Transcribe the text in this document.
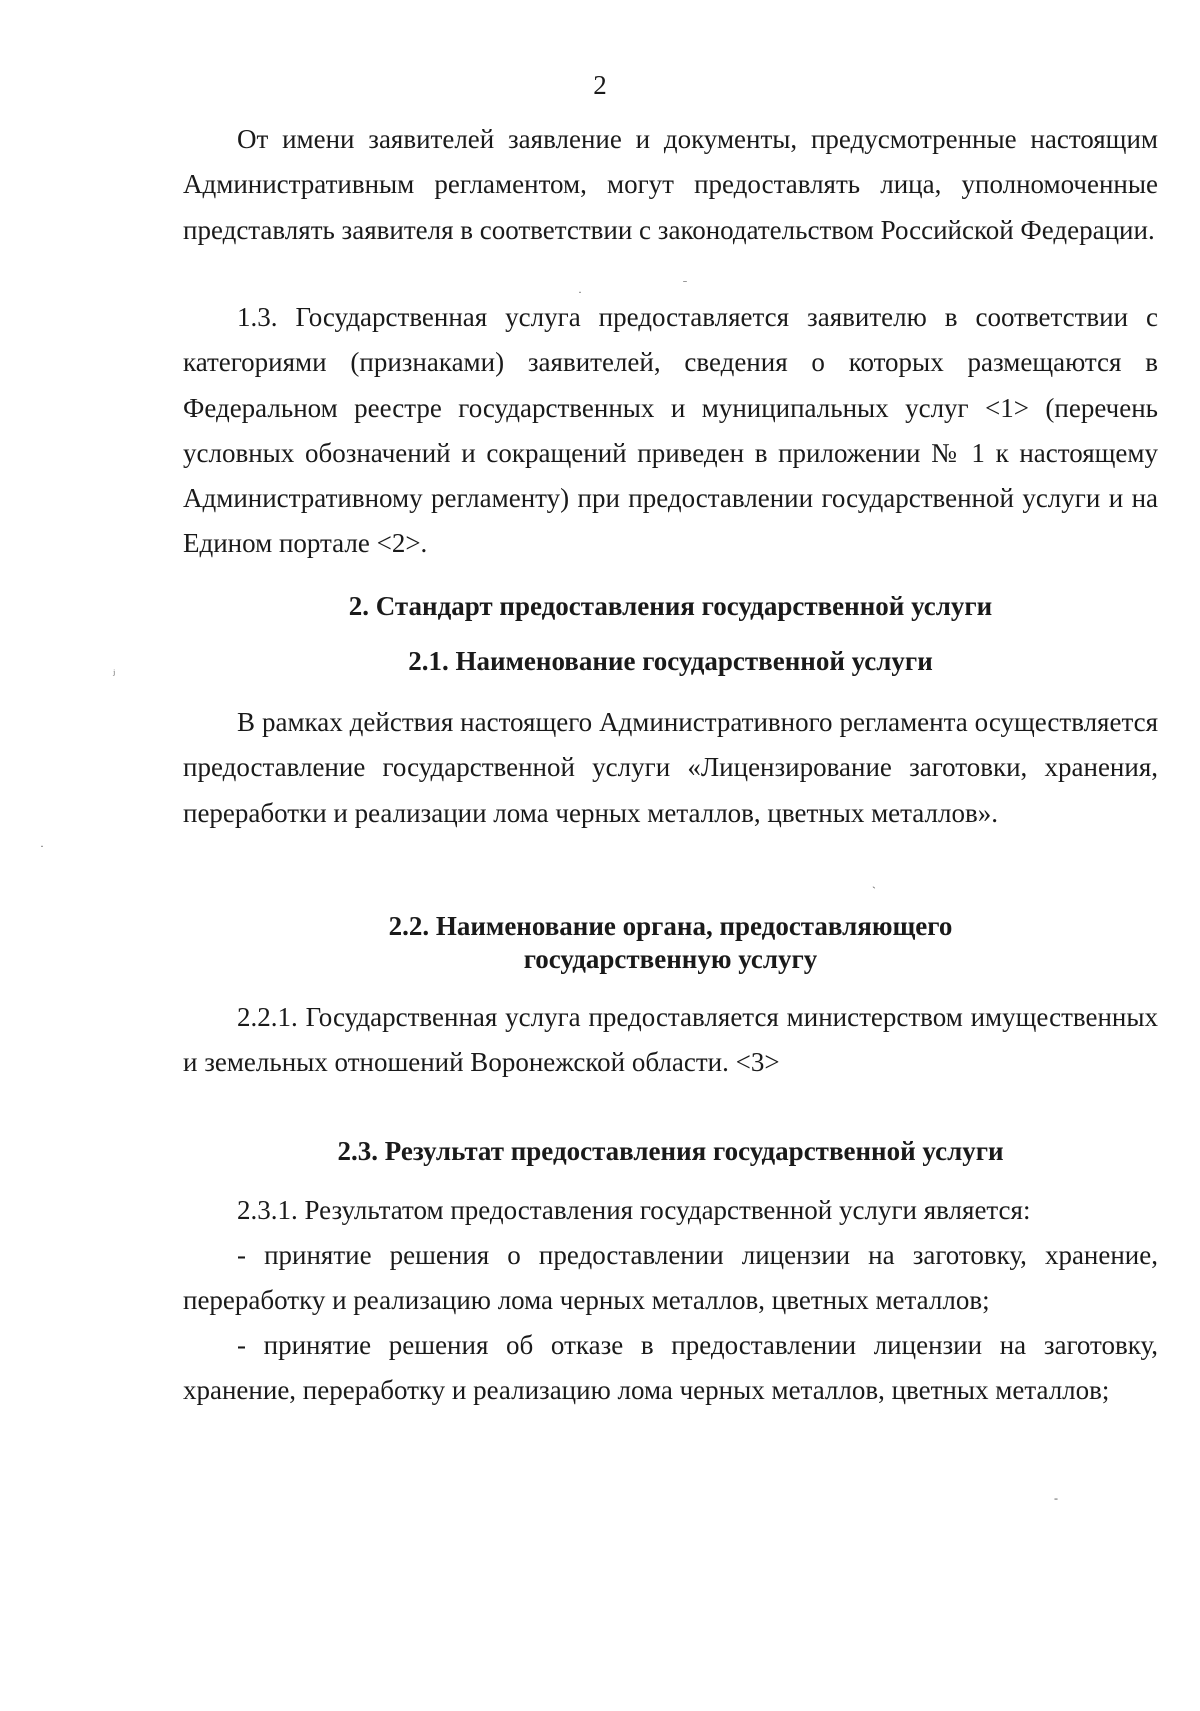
2

От имени заявителей заявление и документы, предусмотренные настоящим Административным регламентом, могут предоставлять лица, уполномоченные представлять заявителя в соответствии с законодательством Российской Федерации.

1.3. Государственная услуга предоставляется заявителю в соответствии с категориями (признаками) заявителей, сведения о которых размещаются в Федеральном реестре государственных и муниципальных услуг <1> (перечень условных обозначений и сокращений приведен в приложении № 1 к настоящему Административному регламенту) при предоставлении государственной услуги и на Едином портале <2>.

2. Стандарт предоставления государственной услуги
2.1. Наименование государственной услуги

В рамках действия настоящего Административного регламента осуществляется предоставление государственной услуги «Лицензирование заготовки, хранения, переработки и реализации лома черных металлов, цветных металлов».

2.2. Наименование органа, предоставляющего
государственную услугу

2.2.1. Государственная услуга предоставляется министерством имущественных и земельных отношений Воронежской области. <3>

2.3. Результат предоставления государственной услуги

2.3.1. Результатом предоставления государственной услуги является:

- принятие решения о предоставлении лицензии на заготовку, хранение, переработку и реализацию лома черных металлов, цветных металлов;

- принятие решения об отказе в предоставлении лицензии на заготовку, хранение, переработку и реализацию лома черных металлов, цветных металлов;

·
ˉ
ʲ
·
ˋ
-
